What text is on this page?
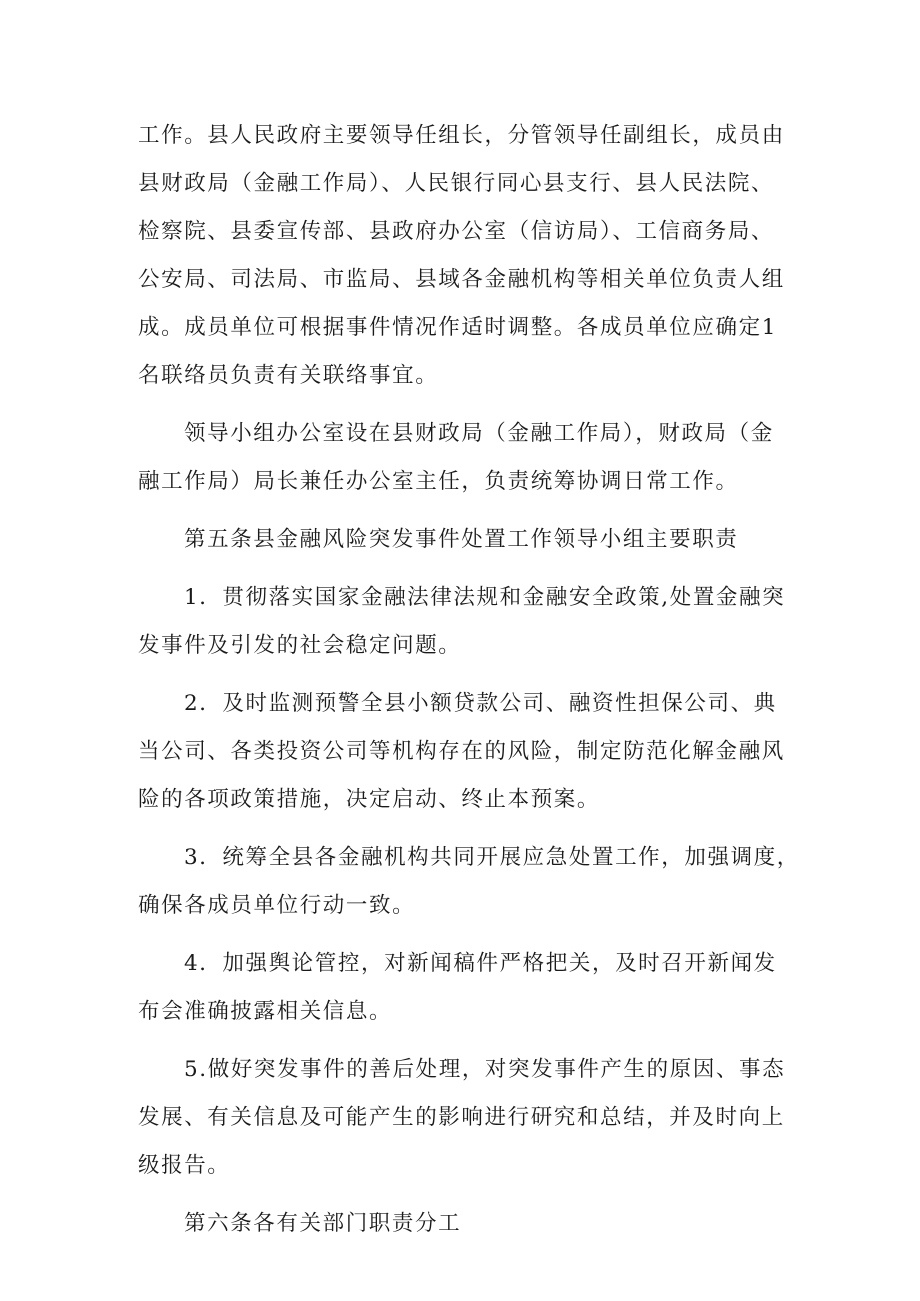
工作。县人民政府主要领导任组长，分管领导任副组长，成员由
县财政局（金融工作局）、人民银行同心县支行、县人民法院、
检察院、县委宣传部、县政府办公室（信访局）、工信商务局、
公安局、司法局、市监局、县域各金融机构等相关单位负责人组
成。成员单位可根据事件情况作适时调整。各成员单位应确定1
名联络员负责有关联络事宜。

领导小组办公室设在县财政局（金融工作局），财政局（金
融工作局）局长兼任办公室主任，负责统筹协调日常工作。

第五条县金融风险突发事件处置工作领导小组主要职责

1．贯彻落实国家金融法律法规和金融安全政策,处置金融突
发事件及引发的社会稳定问题。

2．及时监测预警全县小额贷款公司、融资性担保公司、典
当公司、各类投资公司等机构存在的风险，制定防范化解金融风
险的各项政策措施，决定启动、终止本预案。

3．统筹全县各金融机构共同开展应急处置工作，加强调度，
确保各成员单位行动一致。

4．加强舆论管控，对新闻稿件严格把关，及时召开新闻发
布会准确披露相关信息。

5.做好突发事件的善后处理，对突发事件产生的原因、事态
发展、有关信息及可能产生的影响进行研究和总结，并及时向上
级报告。

第六条各有关部门职责分工
